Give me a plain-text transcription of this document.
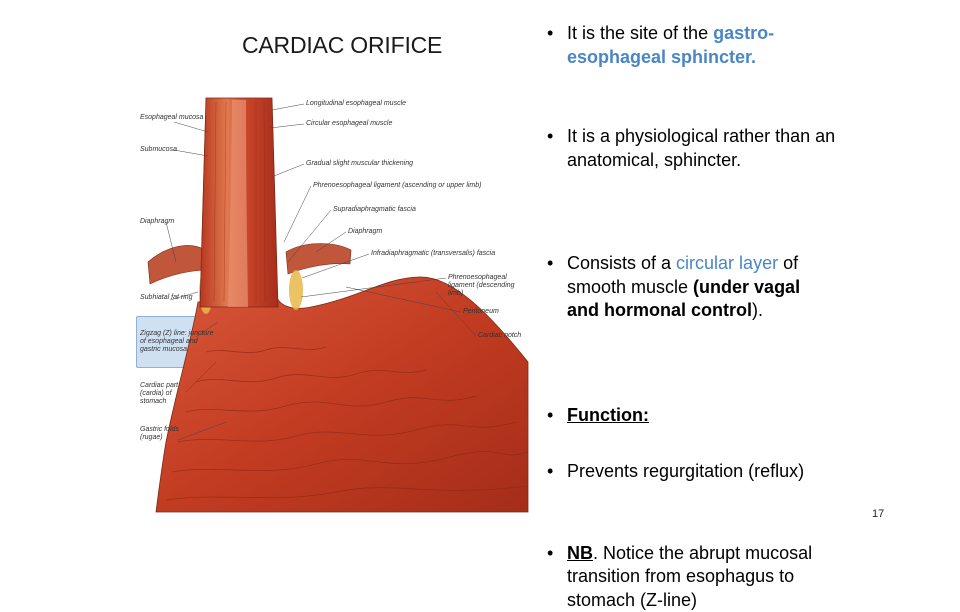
CARDIAC ORIFICE
Esophageal mucosa
Submucosa
Diaphragm
Subhiatal fat ring
Zigzag (Z) line: juncture of esophageal and gastric mucosa
Cardiac part (cardia) of stomach
Gastric folds (rugae)
Longitudinal esophageal muscle
Circular esophageal muscle
Gradual slight muscular thickening
Phrenoesophageal ligament (ascending or upper limb)
Supradiaphragmatic fascia
Diaphragm
Infradiaphragmatic (transversalis) fascia
Phrenoesophageal ligament (descending limb)
Peritoneum
Cardiac notch
• It is the site of the gastro-esophageal sphincter.
• It is a physiological rather than an anatomical, sphincter.
• Consists of a circular layer of smooth muscle (under vagal and hormonal control).
• Function:
• Prevents regurgitation (reflux)
• NB. Notice the abrupt mucosal transition from esophagus to stomach (Z-line)
17
